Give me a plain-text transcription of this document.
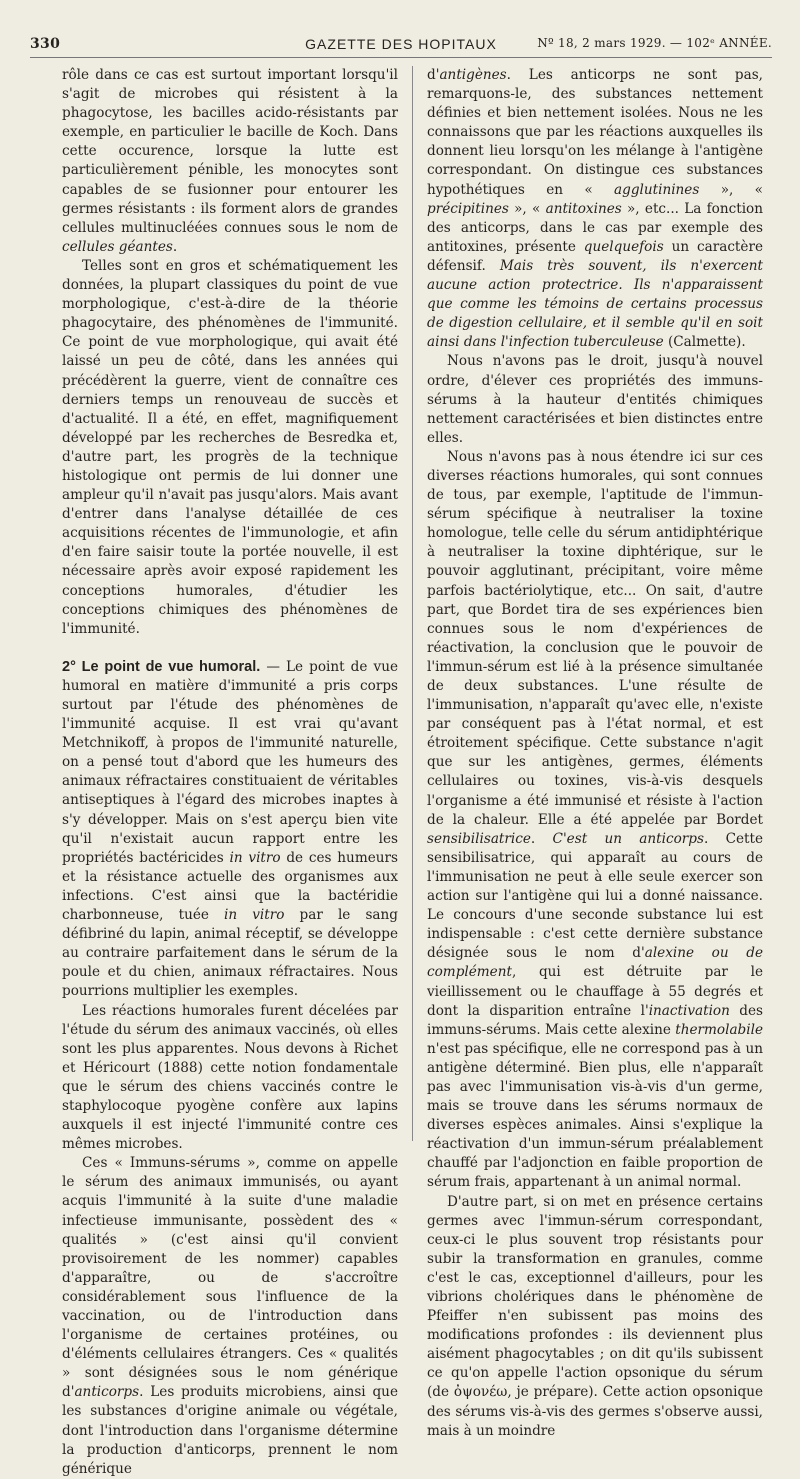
330	GAZETTE DES HOPITAUX	Nº 18, 2 mars 1929. — 102ᵉ ANNÉE.

rôle dans ce cas est surtout important lorsqu'il s'agit de microbes qui résistent à la phagocytose, les bacilles acido-résistants par exemple, en particulier le bacille de Koch. Dans cette occurence, lorsque la lutte est particulièrement pénible, les monocytes sont capables de se fusionner pour entourer les germes résistants : ils forment alors de grandes cellules multinucléées connues sous le nom de cellules géantes.

Telles sont en gros et schématiquement les données, la plupart classiques du point de vue morphologique, c'est-à-dire de la théorie phagocytaire, des phénomènes de l'immunité. Ce point de vue morphologique, qui avait été laissé un peu de côté, dans les années qui précédèrent la guerre, vient de connaître ces derniers temps un renouveau de succès et d'actualité. Il a été, en effet, magnifiquement développé par les recherches de Besredka et, d'autre part, les progrès de la technique histologique ont permis de lui donner une ampleur qu'il n'avait pas jusqu'alors. Mais avant d'entrer dans l'analyse détaillée de ces acquisitions récentes de l'immunologie, et afin d'en faire saisir toute la portée nouvelle, il est nécessaire après avoir exposé rapidement les conceptions humorales, d'étudier les conceptions chimiques des phénomènes de l'immunité.

2° Le point de vue humoral. — Le point de vue humoral en matière d'immunité a pris corps surtout par l'étude des phénomènes de l'immunité acquise. Il est vrai qu'avant Metchnikoff, à propos de l'immunité naturelle, on a pensé tout d'abord que les humeurs des animaux réfractaires constituaient de véritables antiseptiques à l'égard des microbes inaptes à s'y développer. Mais on s'est aperçu bien vite qu'il n'existait aucun rapport entre les propriétés bactéricides in vitro de ces humeurs et la résistance actuelle des organismes aux infections. C'est ainsi que la bactéridie charbonneuse, tuée in vitro par le sang défibriné du lapin, animal réceptif, se développe au contraire parfaitement dans le sérum de la poule et du chien, animaux réfractaires. Nous pourrions multiplier les exemples.

Les réactions humorales furent décelées par l'étude du sérum des animaux vaccinés, où elles sont les plus apparentes. Nous devons à Richet et Héricourt (1888) cette notion fondamentale que le sérum des chiens vaccinés contre le staphylocoque pyogène confère aux lapins auxquels il est injecté l'immunité contre ces mêmes microbes.

Ces « Immuns-sérums », comme on appelle le sérum des animaux immunisés, ou ayant acquis l'immunité à la suite d'une maladie infectieuse immunisante, possèdent des « qualités » (c'est ainsi qu'il convient provisoirement de les nommer) capables d'apparaître, ou de s'accroître considérablement sous l'influence de la vaccination, ou de l'introduction dans l'organisme de certaines protéines, ou d'éléments cellulaires étrangers. Ces « qualités » sont désignées sous le nom générique d'anticorps. Les produits microbiens, ainsi que les substances d'origine animale ou végétale, dont l'introduction dans l'organisme détermine la production d'anticorps, prennent le nom générique

d'antigènes. Les anticorps ne sont pas, remarquons-le, des substances nettement définies et bien nettement isolées. Nous ne les connaissons que par les réactions auxquelles ils donnent lieu lorsqu'on les mélange à l'antigène correspondant. On distingue ces substances hypothétiques en « agglutinines », « précipitines », « antitoxines », etc... La fonction des anticorps, dans le cas par exemple des antitoxines, présente quelquefois un caractère défensif. Mais très souvent, ils n'exercent aucune action protectrice. Ils n'apparaissent que comme les témoins de certains processus de digestion cellulaire, et il semble qu'il en soit ainsi dans l'infection tuberculeuse (Calmette).

Nous n'avons pas le droit, jusqu'à nouvel ordre, d'élever ces propriétés des immuns-sérums à la hauteur d'entités chimiques nettement caractérisées et bien distinctes entre elles.

Nous n'avons pas à nous étendre ici sur ces diverses réactions humorales, qui sont connues de tous, par exemple, l'aptitude de l'immun-sérum spécifique à neutraliser la toxine homologue, telle celle du sérum antidiphtérique à neutraliser la toxine diphtérique, sur le pouvoir agglutinant, précipitant, voire même parfois bactériolytique, etc... On sait, d'autre part, que Bordet tira de ses expériences bien connues sous le nom d'expériences de réactivation, la conclusion que le pouvoir de l'immun-sérum est lié à la présence simultanée de deux substances. L'une résulte de l'immunisation, n'apparaît qu'avec elle, n'existe par conséquent pas à l'état normal, et est étroitement spécifique. Cette substance n'agit que sur les antigènes, germes, éléments cellulaires ou toxines, vis-à-vis desquels l'organisme a été immunisé et résiste à l'action de la chaleur. Elle a été appelée par Bordet sensibilisatrice. C'est un anticorps. Cette sensibilisatrice, qui apparaît au cours de l'immunisation ne peut à elle seule exercer son action sur l'antigène qui lui a donné naissance. Le concours d'une seconde substance lui est indispensable : c'est cette dernière substance désignée sous le nom d'alexine ou de complément, qui est détruite par le vieillissement ou le chauffage à 55 degrés et dont la disparition entraîne l'inactivation des immuns-sérums. Mais cette alexine thermolabile n'est pas spécifique, elle ne correspond pas à un antigène déterminé. Bien plus, elle n'apparaît pas avec l'immunisation vis-à-vis d'un germe, mais se trouve dans les sérums normaux de diverses espèces animales. Ainsi s'explique la réactivation d'un immun-sérum préalablement chauffé par l'adjonction en faible proportion de sérum frais, appartenant à un animal normal.

D'autre part, si on met en présence certains germes avec l'immun-sérum correspondant, ceux-ci le plus souvent trop résistants pour subir la transformation en granules, comme c'est le cas, exceptionnel d'ailleurs, pour les vibrions cholériques dans le phénomène de Pfeiffer n'en subissent pas moins des modifications profondes : ils deviennent plus aisément phagocytables ; on dit qu'ils subissent ce qu'on appelle l'action opsonique du sérum (de ὀψονέω, je prépare). Cette action opsonique des sérums vis-à-vis des germes s'observe aussi, mais à un moindre
